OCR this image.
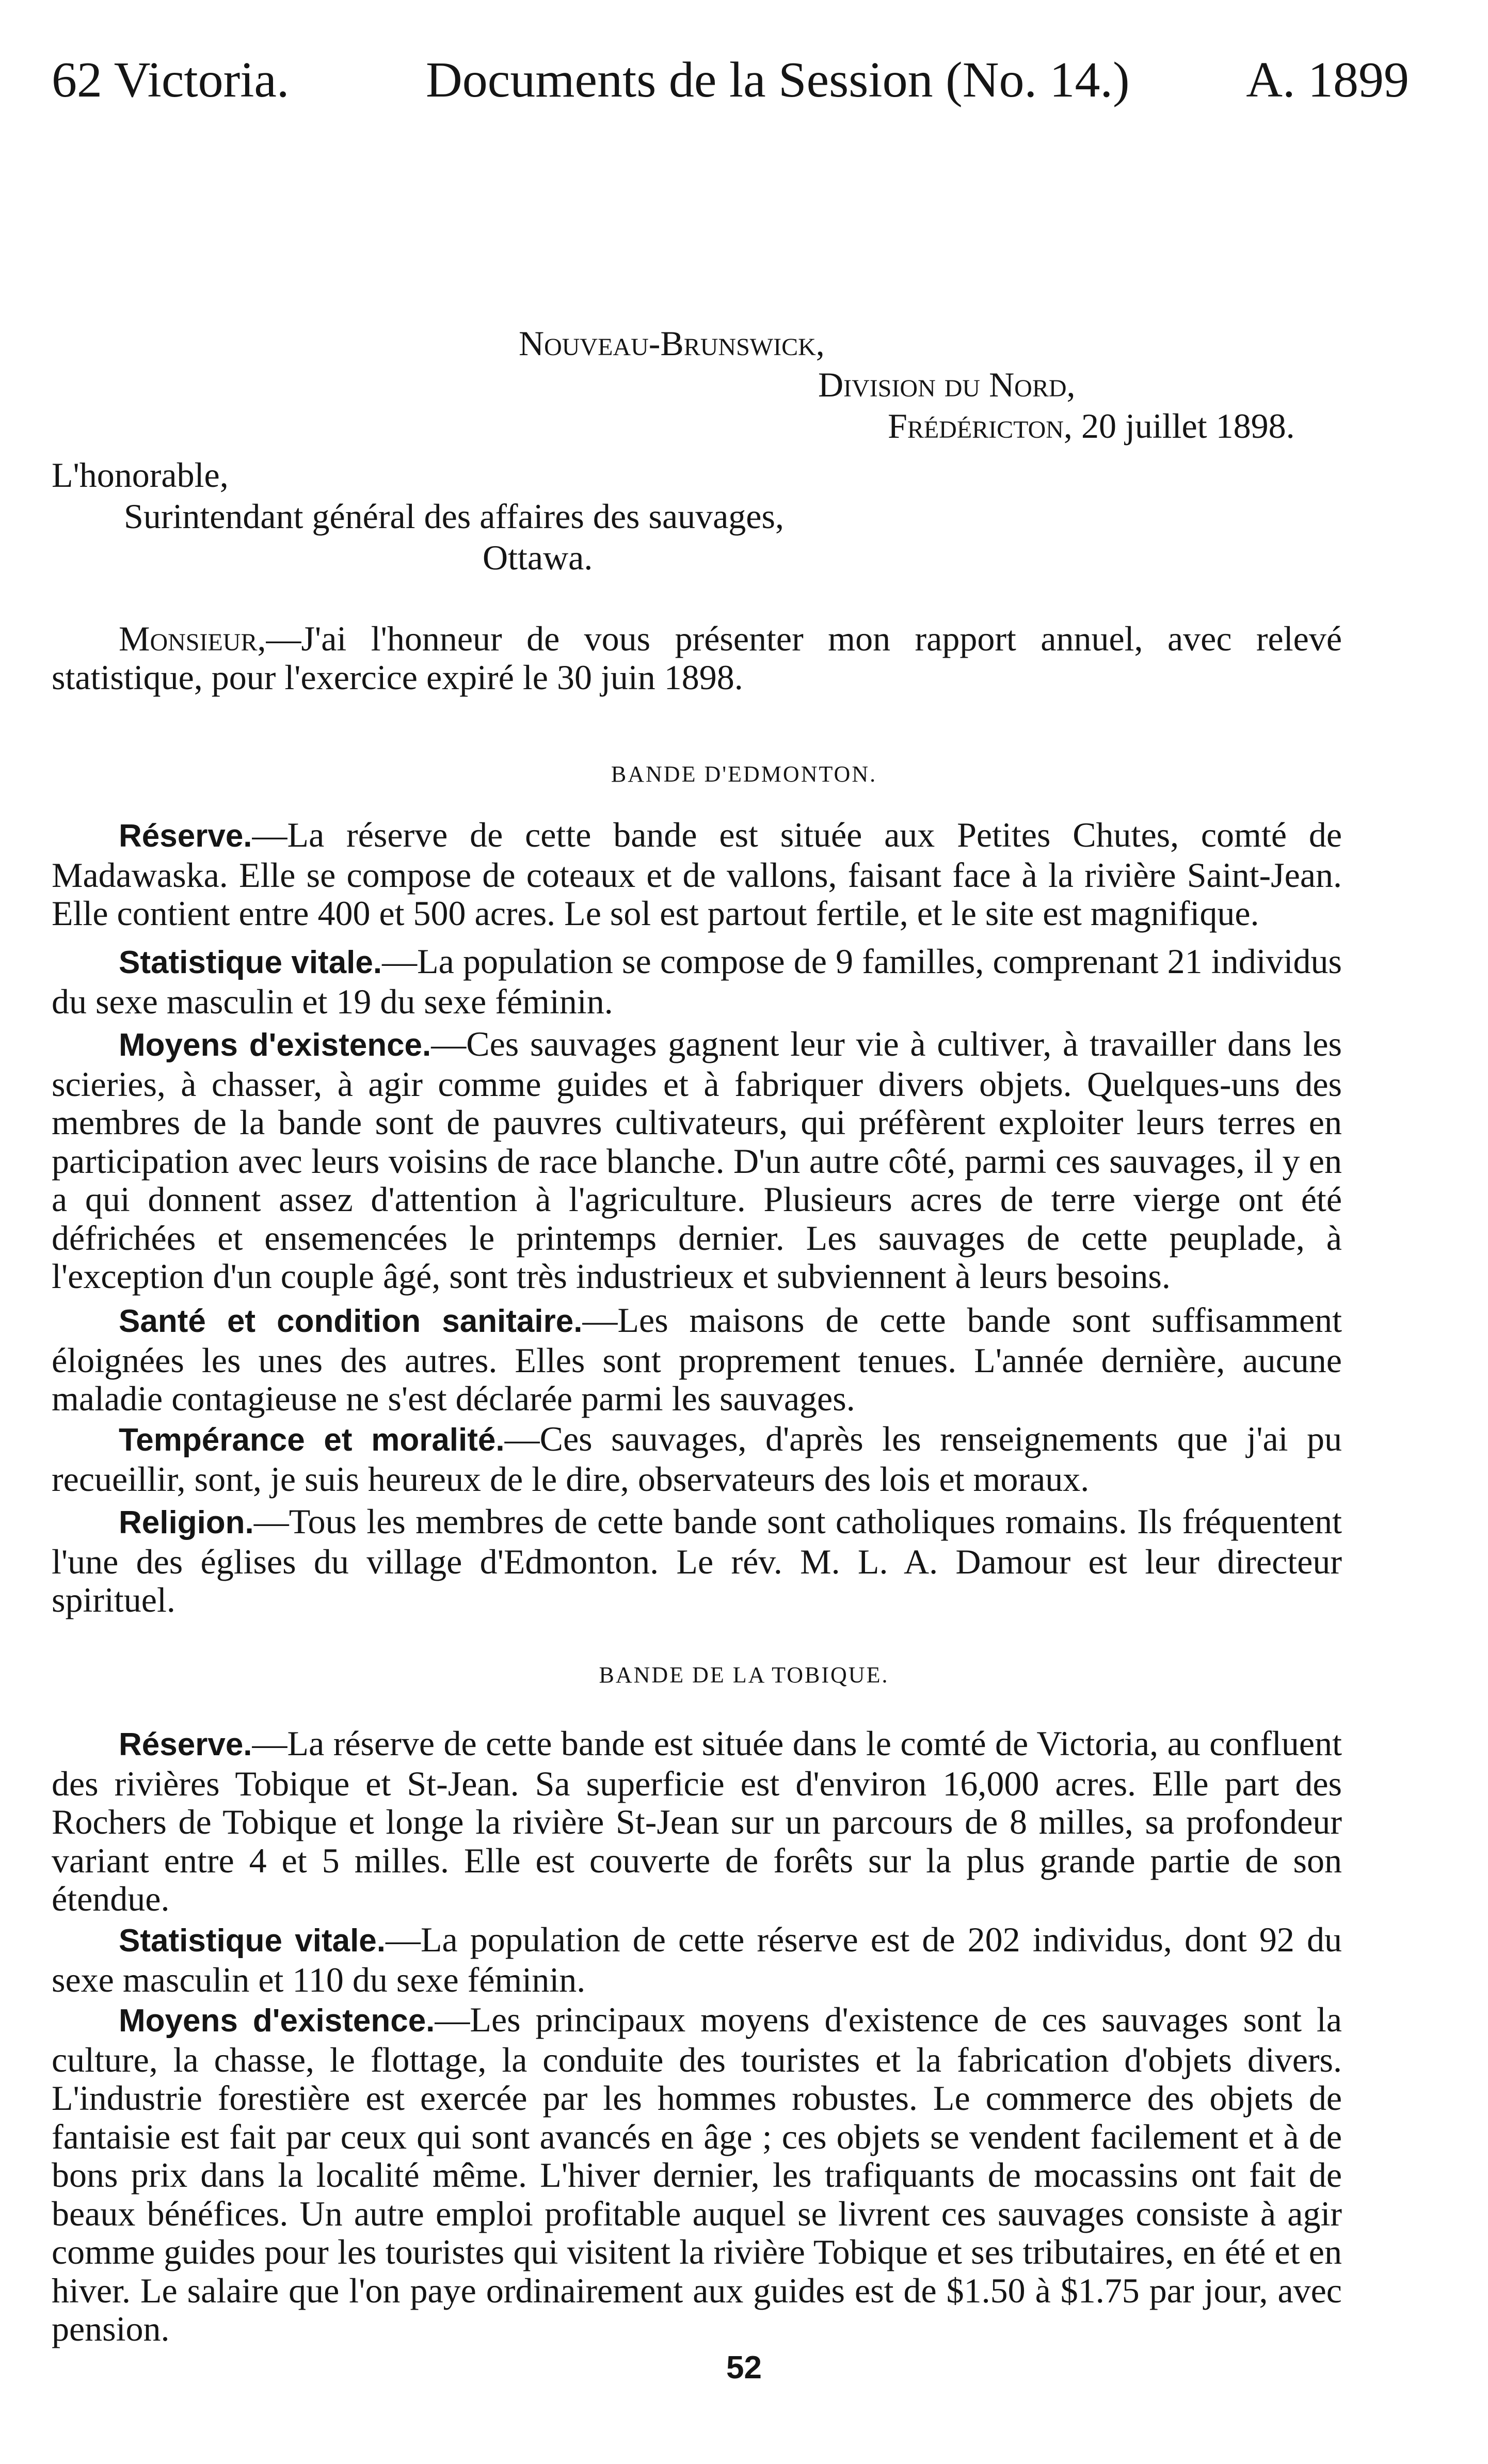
62 Victoria.	Documents de la Session (No. 14.) A. 1899
Nouveau-Brunswick,
Division du Nord,
Frédéricton, 20 juillet 1898.
L'honorable,
Surintendant général des affaires des sauvages,
Ottawa.

Monsieur,—J'ai l'honneur de vous présenter mon rapport annuel, avec relevé statistique, pour l'exercice expiré le 30 juin 1898.

BANDE D'EDMONTON.

Réserve.—La réserve de cette bande est située aux Petites Chutes, comté de Madawaska. Elle se compose de coteaux et de vallons, faisant face à la rivière Saint-Jean. Elle contient entre 400 et 500 acres. Le sol est partout fertile, et le site est magnifique.

Statistique vitale.—La population se compose de 9 familles, comprenant 21 individus du sexe masculin et 19 du sexe féminin.

Moyens d'existence.—Ces sauvages gagnent leur vie à cultiver, à travailler dans les scieries, à chasser, à agir comme guides et à fabriquer divers objets. Quelques-uns des membres de la bande sont de pauvres cultivateurs, qui préfèrent exploiter leurs terres en participation avec leurs voisins de race blanche. D'un autre côté, parmi ces sauvages, il y en a qui donnent assez d'attention à l'agriculture. Plusieurs acres de terre vierge ont été défrichées et ensemencées le printemps dernier. Les sauvages de cette peuplade, à l'exception d'un couple âgé, sont très industrieux et subviennent à leurs besoins.

Santé et condition sanitaire.—Les maisons de cette bande sont suffisamment éloignées les unes des autres. Elles sont proprement tenues. L'année dernière, aucune maladie contagieuse ne s'est déclarée parmi les sauvages.

Tempérance et moralité.—Ces sauvages, d'après les renseignements que j'ai pu recueillir, sont, je suis heureux de le dire, observateurs des lois et moraux.

Religion.—Tous les membres de cette bande sont catholiques romains. Ils fréquentent l'une des églises du village d'Edmonton. Le rév. M. L. A. Damour est leur directeur spirituel.

BANDE DE LA TOBIQUE.

Réserve.—La réserve de cette bande est située dans le comté de Victoria, au confluent des rivières Tobique et St-Jean. Sa superficie est d'environ 16,000 acres. Elle part des Rochers de Tobique et longe la rivière St-Jean sur un parcours de 8 milles, sa profondeur variant entre 4 et 5 milles. Elle est couverte de forêts sur la plus grande partie de son étendue.

Statistique vitale.—La population de cette réserve est de 202 individus, dont 92 du sexe masculin et 110 du sexe féminin.

Moyens d'existence.—Les principaux moyens d'existence de ces sauvages sont la culture, la chasse, le flottage, la conduite des touristes et la fabrication d'objets divers. L'industrie forestière est exercée par les hommes robustes. Le commerce des objets de fantaisie est fait par ceux qui sont avancés en âge ; ces objets se vendent facilement et à de bons prix dans la localité même. L'hiver dernier, les trafiquants de mocassins ont fait de beaux bénéfices. Un autre emploi profitable auquel se livrent ces sauvages consiste à agir comme guides pour les touristes qui visitent la rivière Tobique et ses tributaires, en été et en hiver. Le salaire que l'on paye ordinairement aux guides est de $1.50 à $1.75 par jour, avec pension.

52
